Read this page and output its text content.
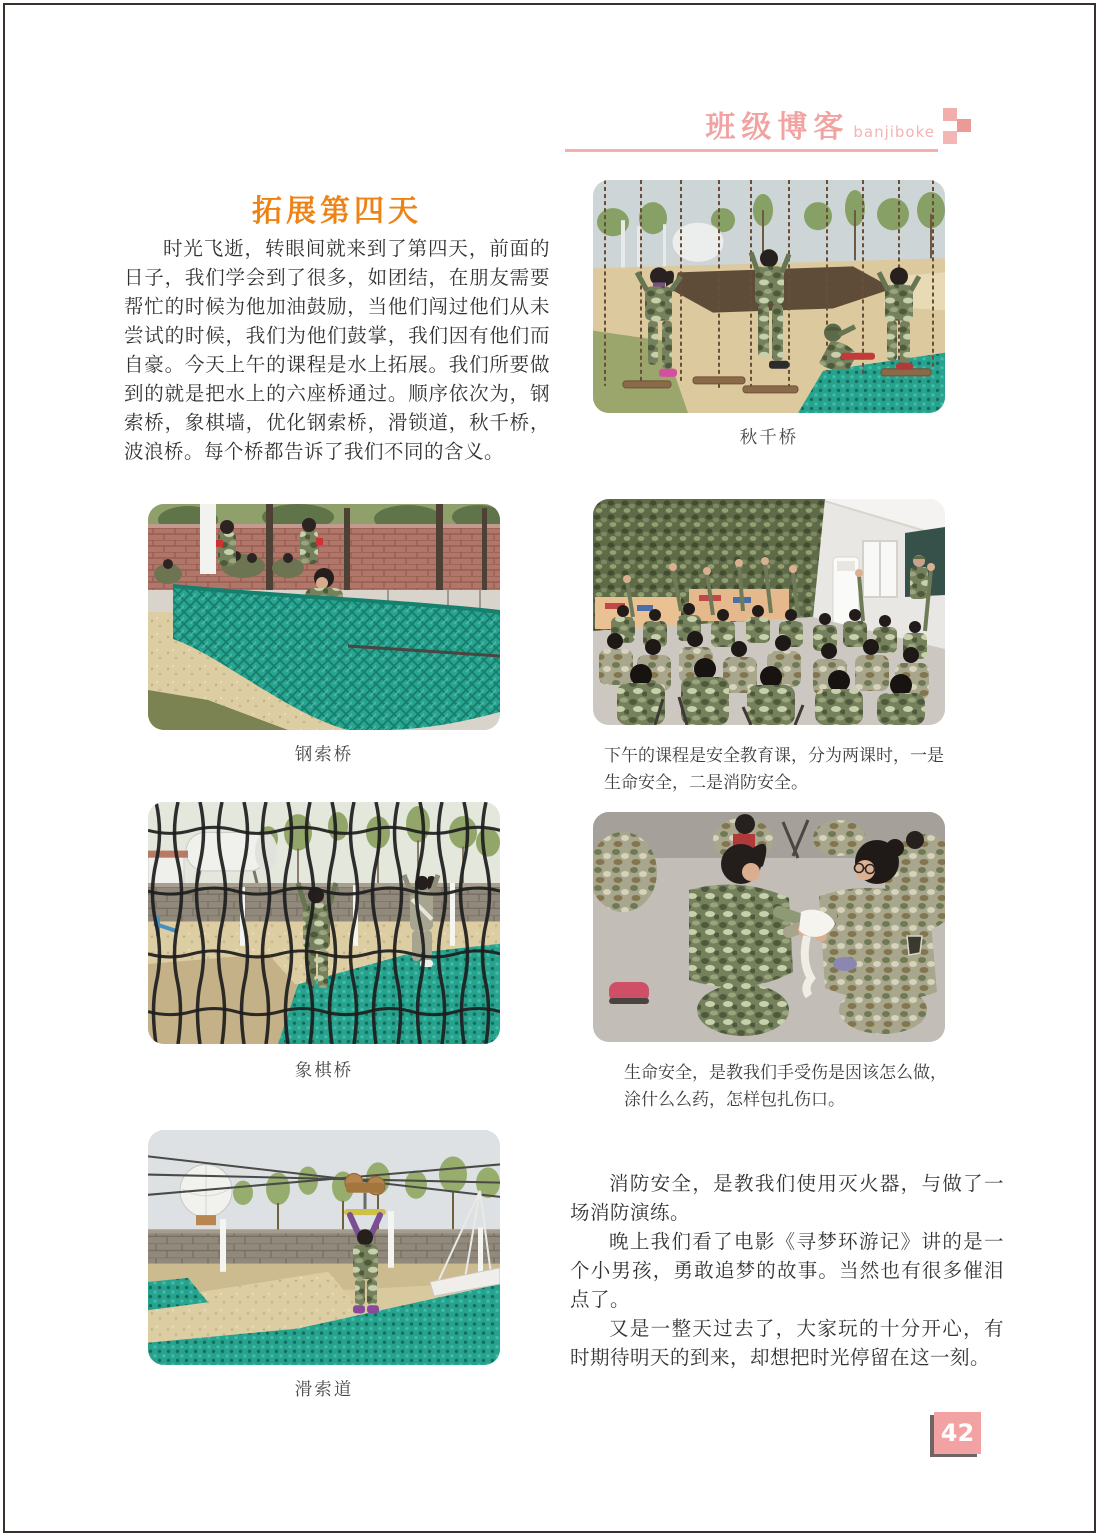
班级博客 banjiboke
拓展第四天
时光飞逝，转眼间就来到了第四天，前面的日子，我们学会到了很多，如团结，在朋友需要帮忙的时候为他加油鼓励，当他们闯过他们从未尝试的时候，我们为他们鼓掌，我们因有他们而自豪。今天上午的课程是水上拓展。我们所要做到的就是把水上的六座桥通过。顺序依次为，钢索桥，象棋墙，优化钢索桥，滑锁道，秋千桥，波浪桥。每个桥都告诉了我们不同的含义。
秋千桥
钢索桥	下午的课程是安全教育课，分为两课时，一是生命安全，二是消防安全。
象棋桥	生命安全，是教我们手受伤是因该怎么做，涂什么么药，怎样包扎伤口。
滑索道

消防安全，是教我们使用灭火器，与做了一场消防演练。

晚上我们看了电影《寻梦环游记》讲的是一个小男孩，勇敢追梦的故事。当然也有很多催泪点了。

又是一整天过去了，大家玩的十分开心，有时期待明天的到来，却想把时光停留在这一刻。

42
